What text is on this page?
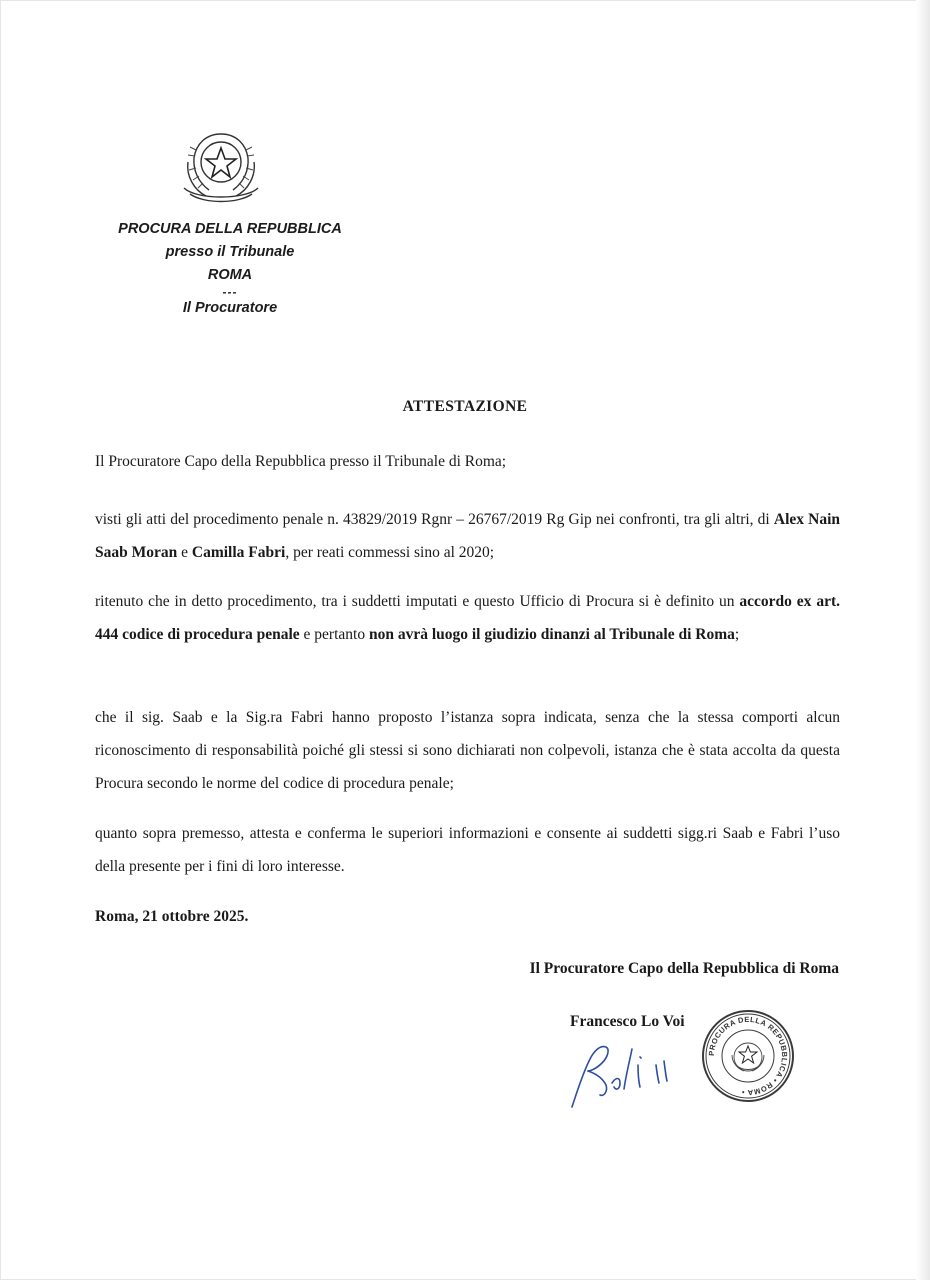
PROCURA DELLA REPUBBLICA
presso il Tribunale
ROMA
---
Il Procuratore
ATTESTAZIONE
Il Procuratore Capo della Repubblica presso il Tribunale di Roma;
visti gli atti del procedimento penale n. 43829/2019 Rgnr – 26767/2019 Rg Gip nei confronti, tra gli altri, di Alex Nain Saab Moran e Camilla Fabri, per reati commessi sino al 2020;
ritenuto che in detto procedimento, tra i suddetti imputati e questo Ufficio di Procura si è definito un accordo ex art. 444 codice di procedura penale e pertanto non avrà luogo il giudizio dinanzi al Tribunale di Roma;
che il sig. Saab e la Sig.ra Fabri hanno proposto l’istanza sopra indicata, senza che la stessa comporti alcun riconoscimento di responsabilità poiché gli stessi si sono dichiarati non colpevoli, istanza che è stata accolta da questa Procura secondo le norme del codice di procedura penale;
quanto sopra premesso, attesta e conferma le superiori informazioni e consente ai suddetti sigg.ri Saab e Fabri l’uso della presente per i fini di loro interesse.
Roma, 21 ottobre 2025.
Il Procuratore Capo della Repubblica di Roma
Francesco Lo Voi
PROCURA DELLA REPUBBLICA • ROMA •
